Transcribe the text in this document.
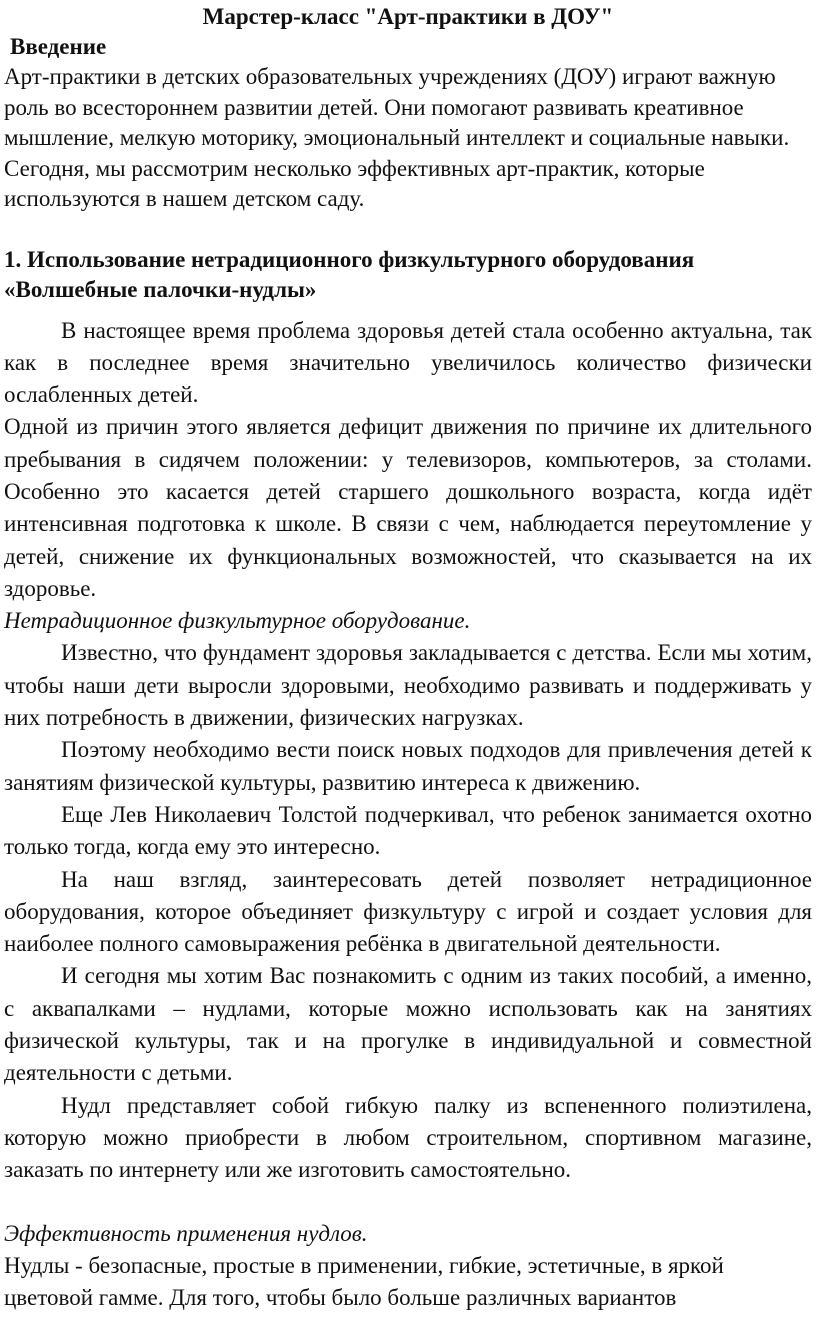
Марстер-класс "Арт-практики в ДОУ"
Введение

Арт-практики в детских образовательных учреждениях (ДОУ) играют важную роль во всестороннем развитии детей. Они помогают развивать креативное мышление, мелкую моторику, эмоциональный интеллект и социальные навыки. Сегодня, мы рассмотрим несколько эффективных арт-практик, которые используются в нашем детском саду.

1. Использование нетрадиционного физкультурного оборудования «Волшебные палочки-нудлы»

В настоящее время проблема здоровья детей стала особенно актуальна, так как в последнее время значительно увеличилось количество физически ослабленных детей.

Одной из причин этого является дефицит движения по причине их длительного пребывания в сидячем положении: у телевизоров, компьютеров, за столами. Особенно это касается детей старшего дошкольного возраста, когда идёт интенсивная подготовка к школе. В связи с чем, наблюдается переутомление у детей, снижение их функциональных возможностей, что сказывается на их здоровье.

Нетрадиционное физкультурное оборудование.

Известно, что фундамент здоровья закладывается с детства. Если мы хотим, чтобы наши дети выросли здоровыми, необходимо развивать и поддерживать у них потребность в движении, физических нагрузках.

Поэтому необходимо вести поиск новых подходов для привлечения детей к занятиям физической культуры, развитию интереса к движению.

Еще Лев Николаевич Толстой подчеркивал, что ребенок занимается охотно только тогда, когда ему это интересно.

На наш взгляд, заинтересовать детей позволяет нетрадиционное оборудования, которое объединяет физкультуру с игрой и создает условия для наиболее полного самовыражения ребёнка в двигательной деятельности.

И сегодня мы хотим Вас познакомить с одним из таких пособий, а именно, с аквапалками – нудлами, которые можно использовать как на занятиях физической культуры, так и на прогулке в индивидуальной и совместной деятельности с детьми.

Нудл представляет собой гибкую палку из вспененного полиэтилена, которую можно приобрести в любом строительном, спортивном магазине, заказать по интернету или же изготовить самостоятельно.

Эффективность применения нудлов.

Нудлы - безопасные, простые в применении, гибкие, эстетичные, в яркой цветовой гамме. Для того, чтобы было больше различных вариантов
